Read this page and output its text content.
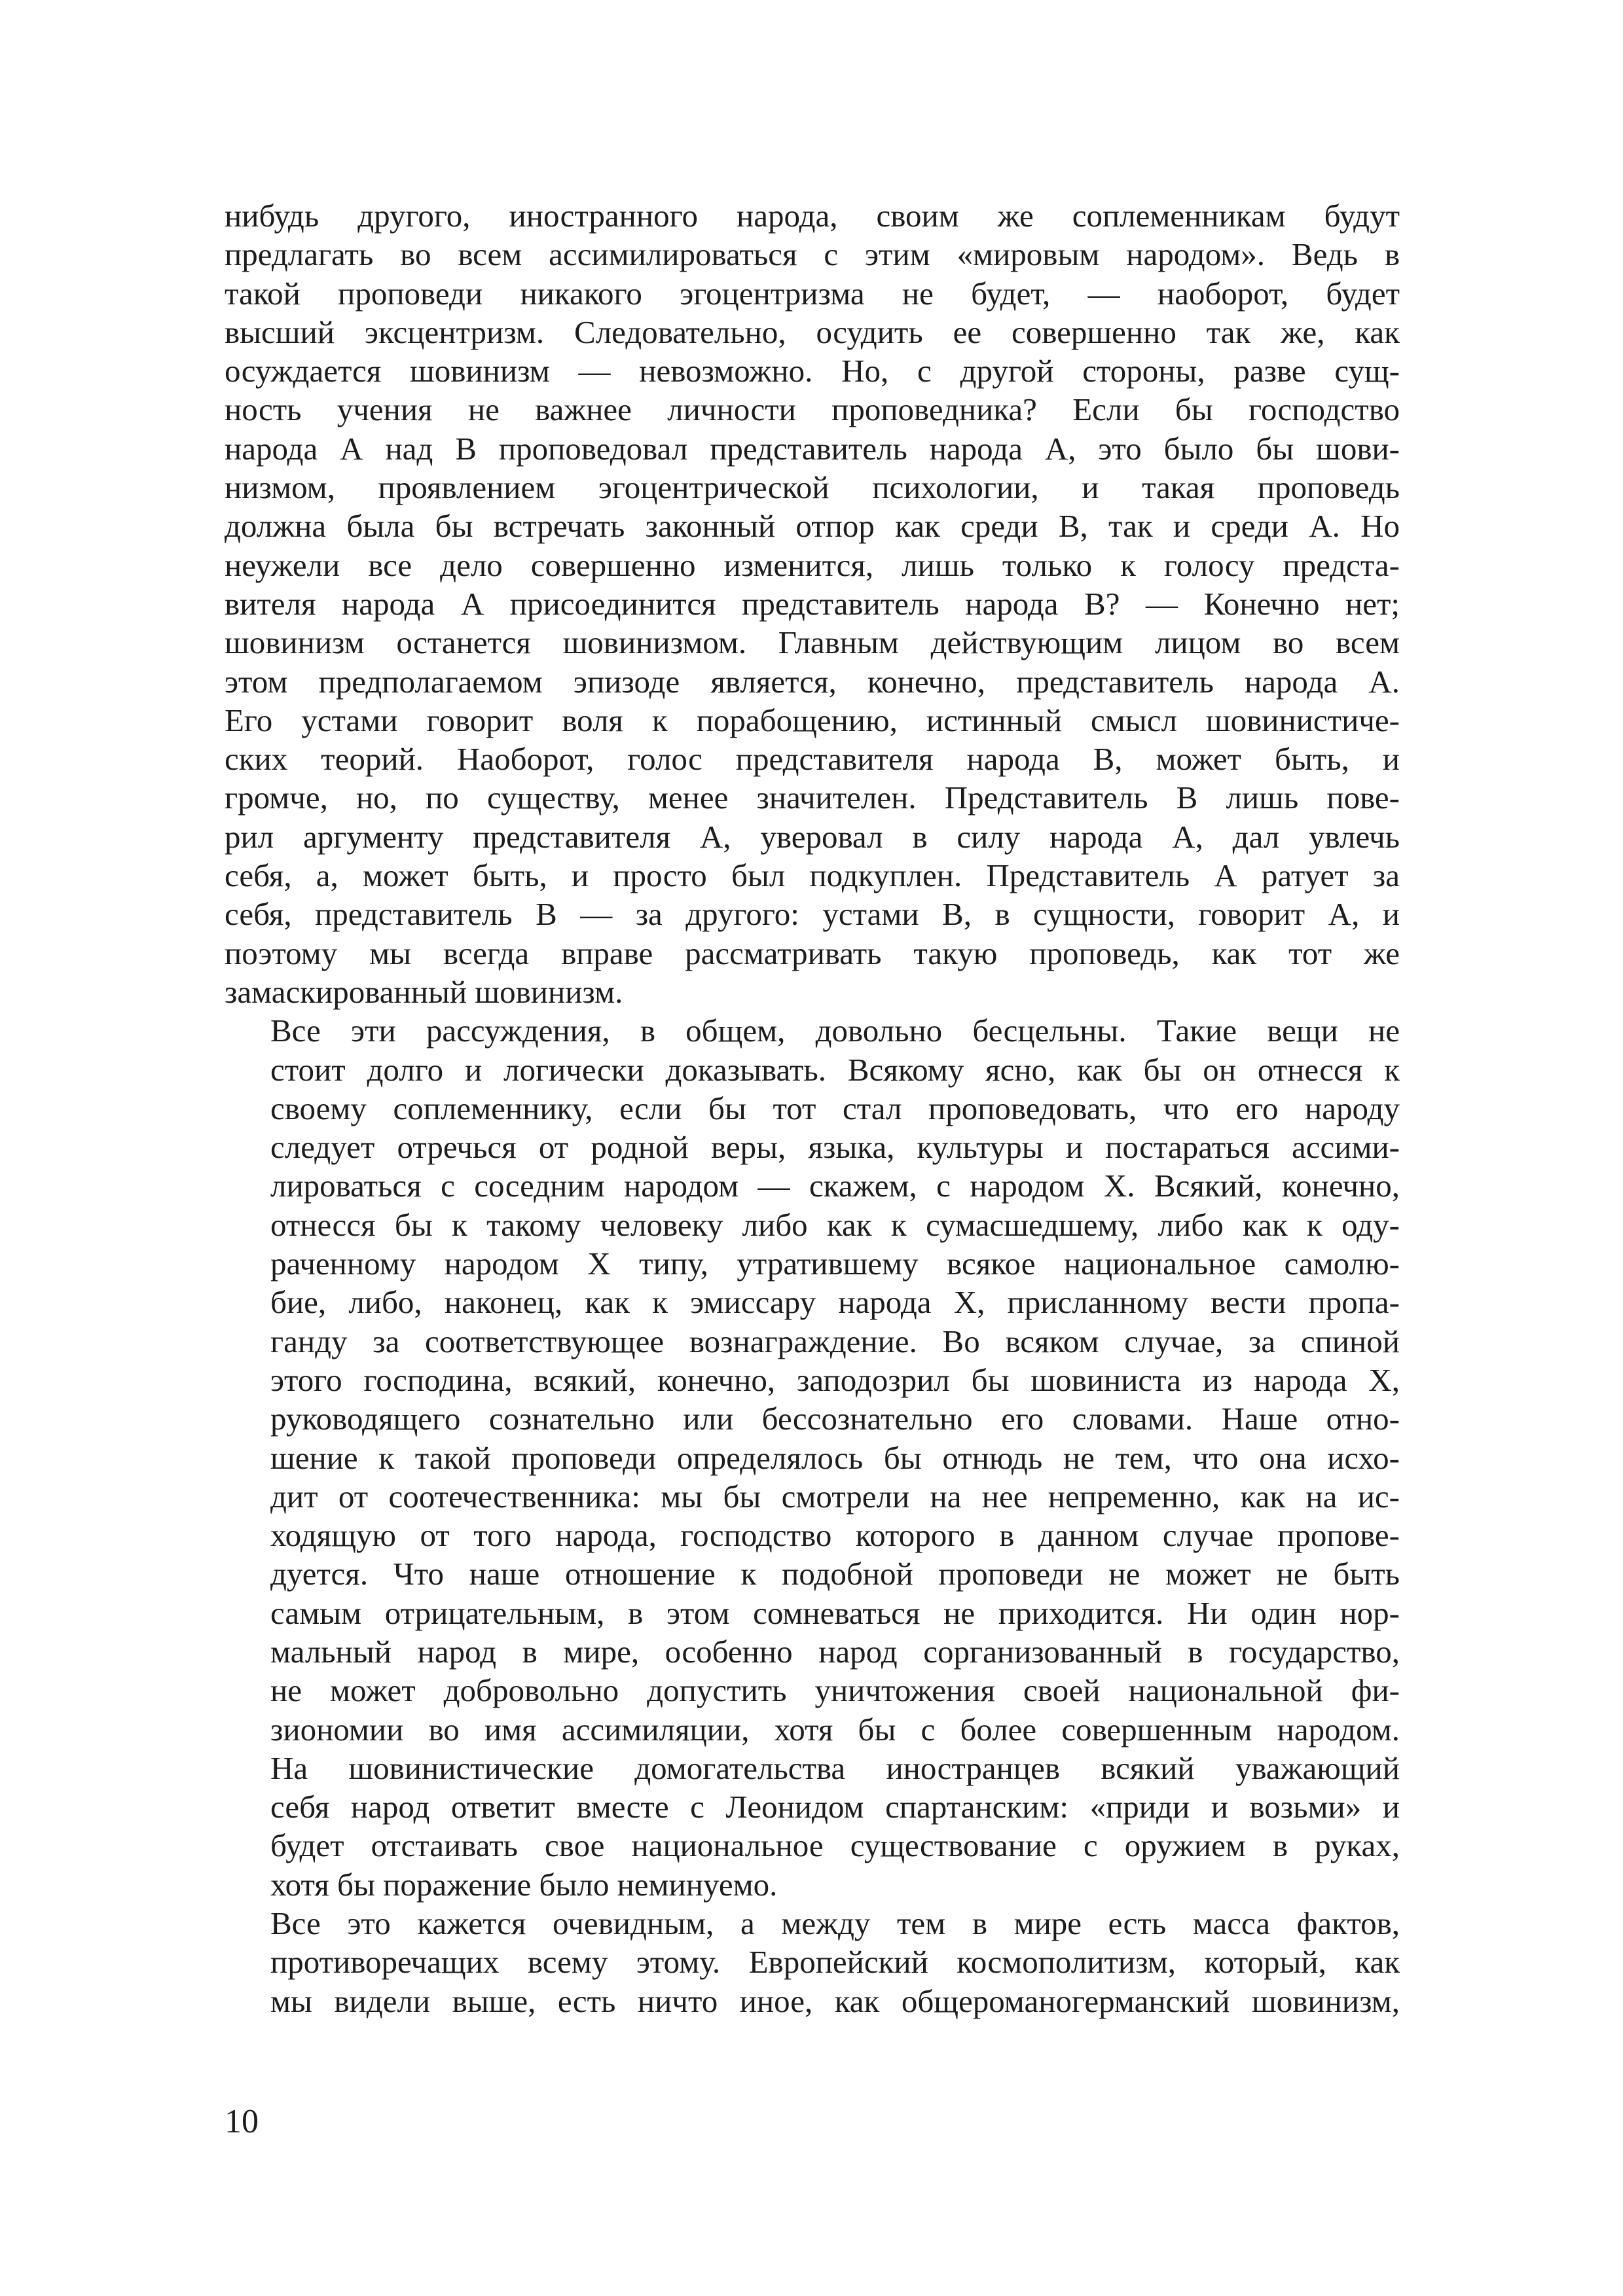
нибудь другого, иностранного народа, своим же соплеменникам будут
предлагать во всем ассимилироваться с этим «мировым народом». Ведь в
такой проповеди никакого эгоцентризма не будет, — наоборот, будет
высший эксцентризм. Следовательно, осудить ее совершенно так же, как
осуждается шовинизм — невозможно. Но, с другой стороны, разве сущ-
ность учения не важнее личности проповедника? Если бы господство
народа А над В проповедовал представитель народа А, это было бы шови-
низмом, проявлением эгоцентрической психологии, и такая проповедь
должна была бы встречать законный отпор как среди В, так и среди А. Но
неужели все дело совершенно изменится, лишь только к голосу предста-
вителя народа А присоединится представитель народа В? — Конечно нет;
шовинизм останется шовинизмом. Главным действующим лицом во всем
этом предполагаемом эпизоде является, конечно, представитель народа А.
Его устами говорит воля к порабощению, истинный смысл шовинистиче-
ских теорий. Наоборот, голос представителя народа В, может быть, и
громче, но, по существу, менее значителен. Представитель В лишь пове-
рил аргументу представителя А, уверовал в силу народа А, дал увлечь
себя, а, может быть, и просто был подкуплен. Представитель А ратует за
себя, представитель В — за другого: устами В, в сущности, говорит А, и
поэтому мы всегда вправе рассматривать такую проповедь, как тот же
замаскированный шовинизм.
Все эти рассуждения, в общем, довольно бесцельны. Такие вещи не
стоит долго и логически доказывать. Всякому ясно, как бы он отнесся к
своему соплеменнику, если бы тот стал проповедовать, что его народу
следует отречься от родной веры, языка, культуры и постараться ассими-
лироваться с соседним народом — скажем, с народом Х. Всякий, конечно,
отнесся бы к такому человеку либо как к сумасшедшему, либо как к оду-
раченному народом Х типу, утратившему всякое национальное самолю-
бие, либо, наконец, как к эмиссару народа Х, присланному вести пропа-
ганду за соответствующее вознаграждение. Во всяком случае, за спиной
этого господина, всякий, конечно, заподозрил бы шовиниста из народа Х,
руководящего сознательно или бессознательно его словами. Наше отно-
шение к такой проповеди определялось бы отнюдь не тем, что она исхо-
дит от соотечественника: мы бы смотрели на нее непременно, как на ис-
ходящую от того народа, господство которого в данном случае пропове-
дуется. Что наше отношение к подобной проповеди не может не быть
самым отрицательным, в этом сомневаться не приходится. Ни один нор-
мальный народ в мире, особенно народ сорганизованный в государство,
не может добровольно допустить уничтожения своей национальной фи-
зиономии во имя ассимиляции, хотя бы с более совершенным народом.
На шовинистические домогательства иностранцев всякий уважающий
себя народ ответит вместе с Леонидом спартанским: «приди и возьми» и
будет отстаивать свое национальное существование с оружием в руках,
хотя бы поражение было неминуемо.
Все это кажется очевидным, а между тем в мире есть масса фактов,
противоречащих всему этому. Европейский космополитизм, который, как
мы видели выше, есть ничто иное, как общероманогерманский шовинизм,
10
